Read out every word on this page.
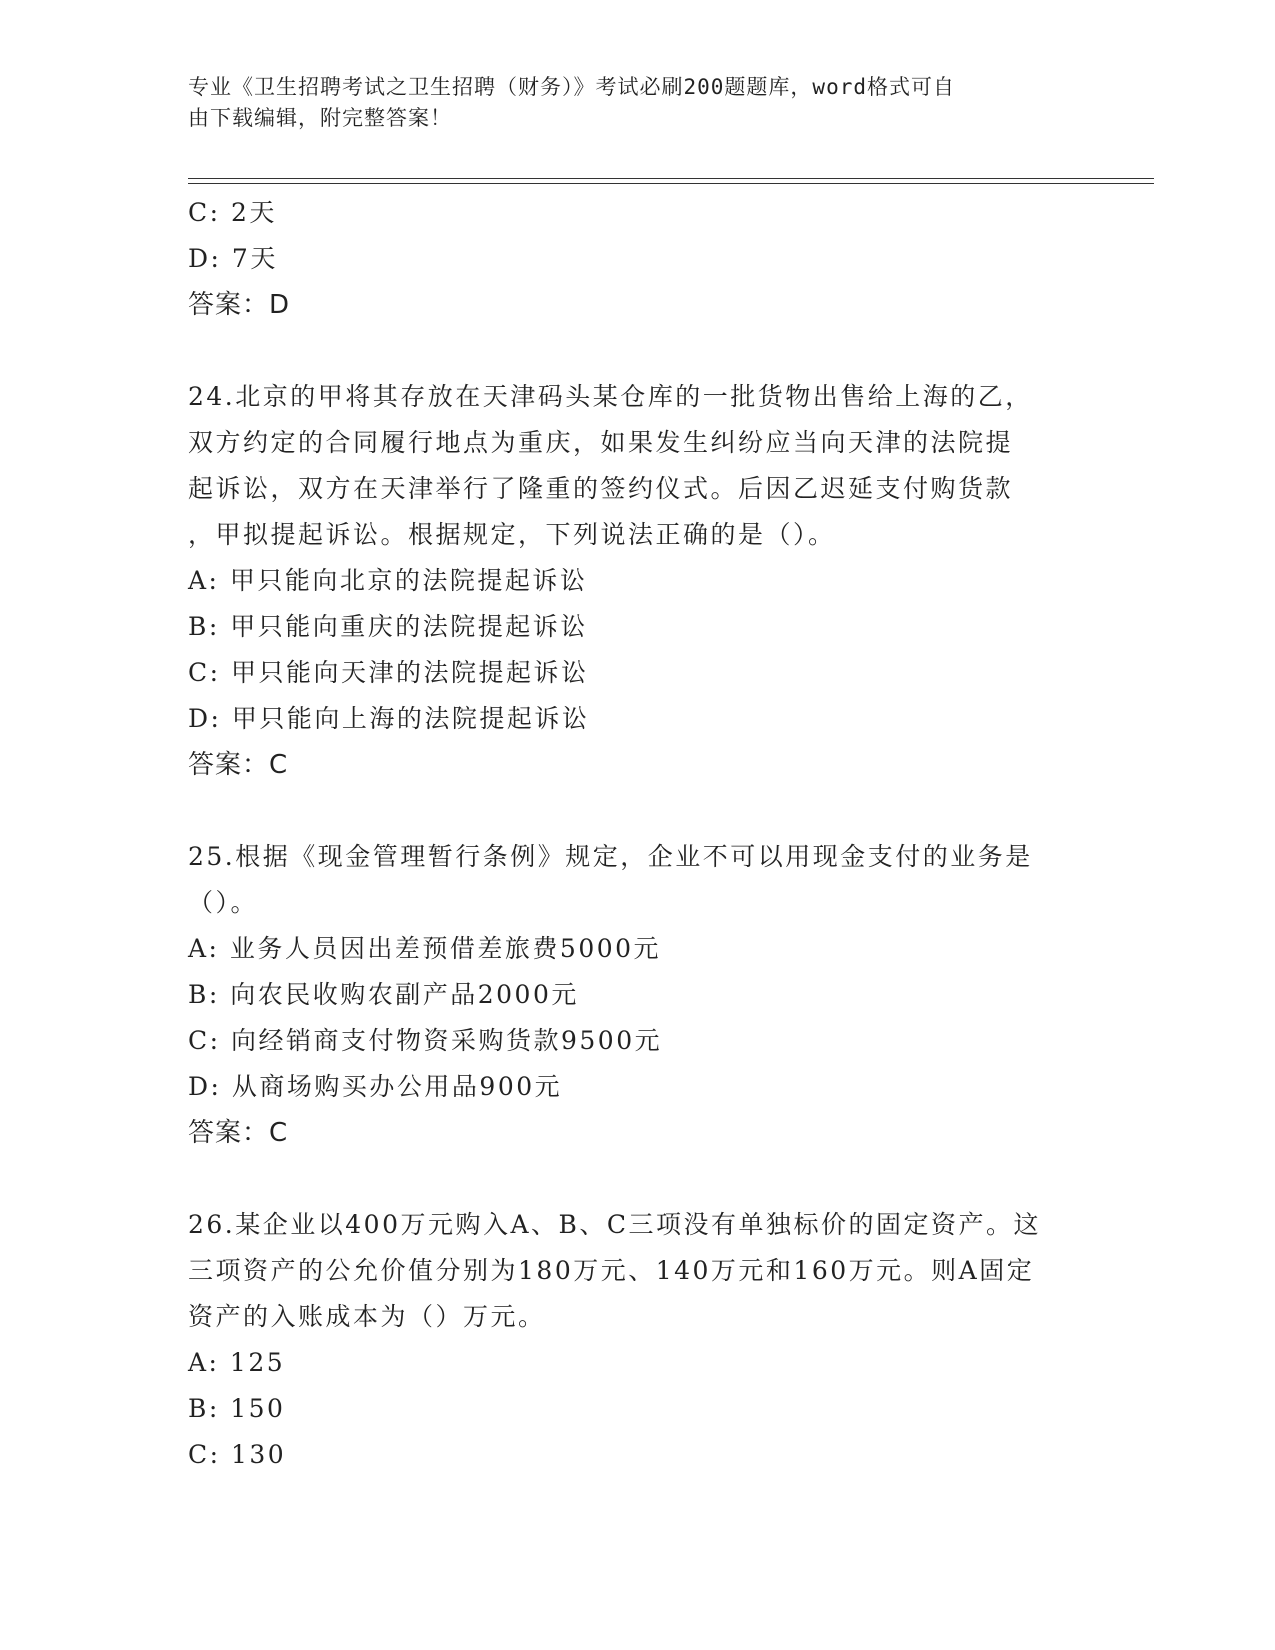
专业《卫生招聘考试之卫生招聘（财务）》考试必刷200题题库，word格式可自
由下载编辑，附完整答案！
C: 2天
D: 7天
答案：D
24.北京的甲将其存放在天津码头某仓库的一批货物出售给上海的乙，
双方约定的合同履行地点为重庆，如果发生纠纷应当向天津的法院提
起诉讼，双方在天津举行了隆重的签约仪式。后因乙迟延支付购货款
，甲拟提起诉讼。根据规定，下列说法正确的是（）。
A: 甲只能向北京的法院提起诉讼
B: 甲只能向重庆的法院提起诉讼
C: 甲只能向天津的法院提起诉讼
D: 甲只能向上海的法院提起诉讼
答案：C
25.根据《现金管理暂行条例》规定，企业不可以用现金支付的业务是
（）。
A: 业务人员因出差预借差旅费5000元
B: 向农民收购农副产品2000元
C: 向经销商支付物资采购货款9500元
D: 从商场购买办公用品900元
答案：C
26.某企业以400万元购入A、B、C三项没有单独标价的固定资产。这
三项资产的公允价值分别为180万元、140万元和160万元。则A固定
资产的入账成本为（）万元。
A: 125
B: 150
C: 130
